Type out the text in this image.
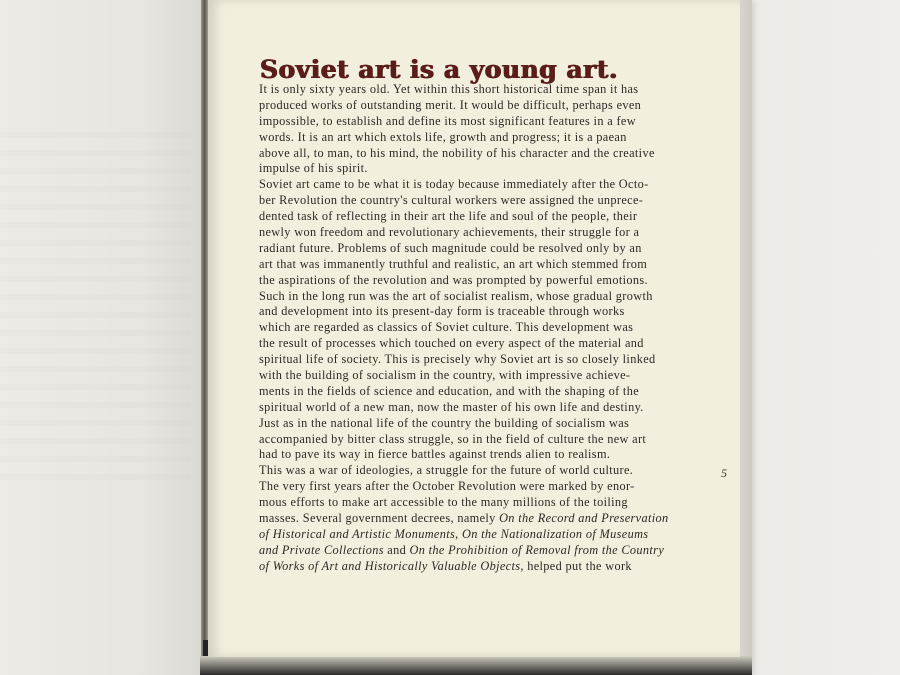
Soviet art is a young art.
It is only sixty years old. Yet within this short historical time span it has
produced works of outstanding merit. It would be difficult, perhaps even
impossible, to establish and define its most significant features in a few
words. It is an art which extols life, growth and progress; it is a paean
above all, to man, to his mind, the nobility of his character and the creative
impulse of his spirit.
Soviet art came to be what it is today because immediately after the Octo-
ber Revolution the country's cultural workers were assigned the unprece-
dented task of reflecting in their art the life and soul of the people, their
newly won freedom and revolutionary achievements, their struggle for a
radiant future. Problems of such magnitude could be resolved only by an
art that was immanently truthful and realistic, an art which stemmed from
the aspirations of the revolution and was prompted by powerful emotions.
Such in the long run was the art of socialist realism, whose gradual growth
and development into its present-day form is traceable through works
which are regarded as classics of Soviet culture. This development was
the result of processes which touched on every aspect of the material and
spiritual life of society. This is precisely why Soviet art is so closely linked
with the building of socialism in the country, with impressive achieve-
ments in the fields of science and education, and with the shaping of the
spiritual world of a new man, now the master of his own life and destiny.
Just as in the national life of the country the building of socialism was
accompanied by bitter class struggle, so in the field of culture the new art
had to pave its way in fierce battles against trends alien to realism.
This was a war of ideologies, a struggle for the future of world culture.
The very first years after the October Revolution were marked by enor-
mous efforts to make art accessible to the many millions of the toiling
masses. Several government decrees, namely On the Record and Preservation
of Historical and Artistic Monuments, On the Nationalization of Museums
and Private Collections and On the Prohibition of Removal from the Country
of Works of Art and Historically Valuable Objects, helped put the work
5
